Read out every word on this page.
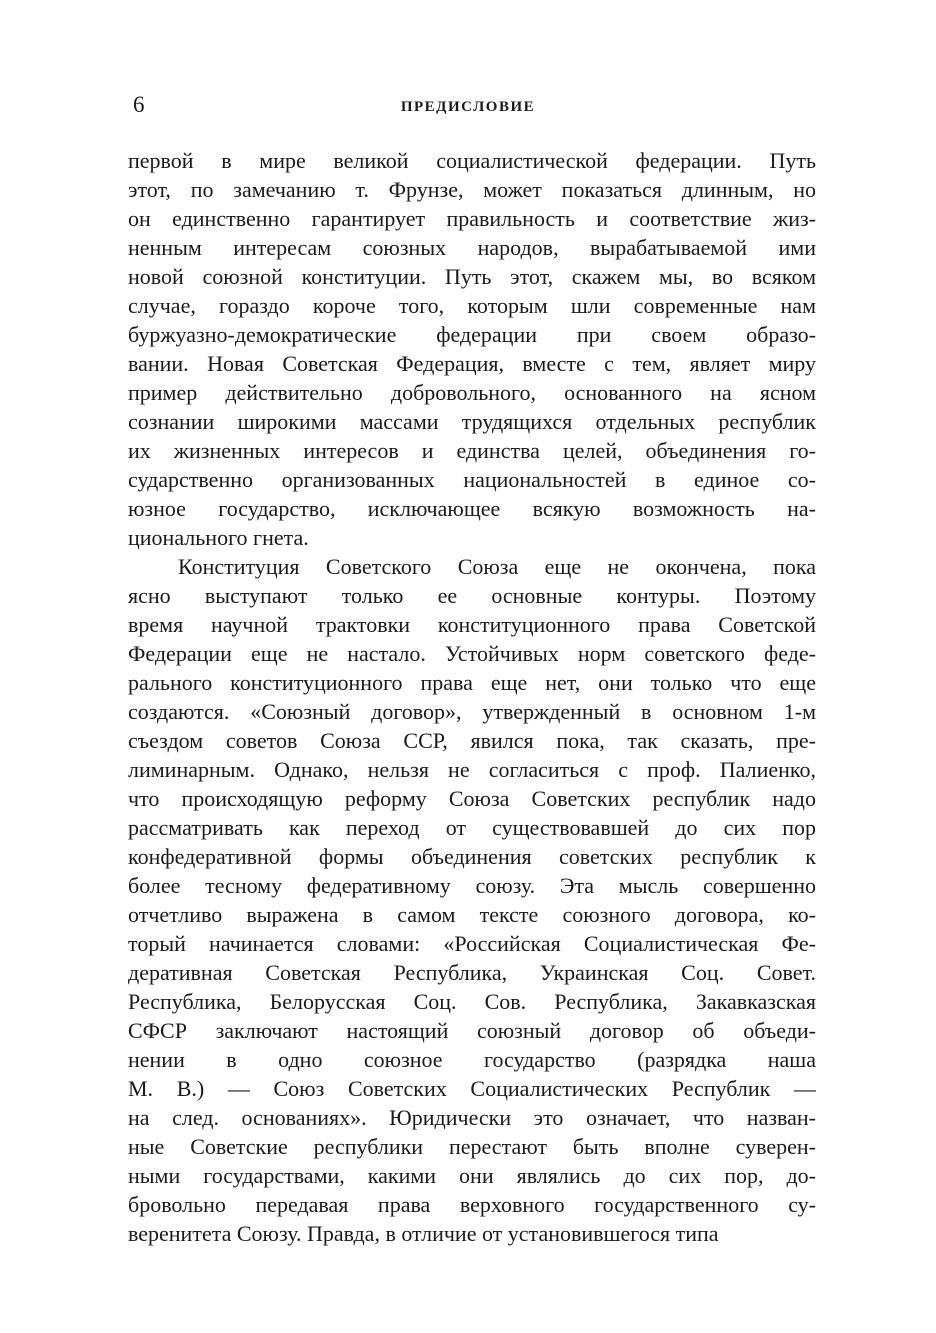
6	ПРЕДИСЛОВИЕ
первой в мире великой социалистической федерации. Путь
этот, по замечанию т. Фрунзе, может показаться длинным, но
он единственно гарантирует правильность и соответствие жиз-
ненным интересам союзных народов, вырабатываемой ими
новой союзной конституции. Путь этот, скажем мы, во всяком
случае, гораздо короче того, которым шли современные нам
буржуазно-демократические федерации при своем образо-
вании. Новая Советская Федерация, вместе с тем, являет миру
пример действительно добровольного, основанного на ясном
сознании широкими массами трудящихся отдельных республик
их жизненных интересов и единства целей, объединения го-
сударственно организованных национальностей в единое со-
юзное государство, исключающее всякую возможность на-
ционального гнета.
Конституция Советского Союза еще не окончена, пока
ясно выступают только ее основные контуры. Поэтому
время научной трактовки конституционного права Советской
Федерации еще не настало. Устойчивых норм советского феде-
рального конституционного права еще нет, они только что еще
создаются. «Союзный договор», утвержденный в основном 1-м
съездом советов Союза ССР, явился пока, так сказать, пре-
лиминарным. Однако, нельзя не согласиться с проф. Палиенко,
что происходящую реформу Союза Советских республик надо
рассматривать как переход от существовавшей до сих пор
конфедеративной формы объединения советских республик к
более тесному федеративному союзу. Эта мысль совершенно
отчетливо выражена в самом тексте союзного договора, ко-
торый начинается словами: «Российская Социалистическая Фе-
деративная Советская Республика, Украинская Соц. Совет.
Республика, Белорусская Соц. Сов. Республика, Закавказская
СФСР заключают настоящий союзный договор об объеди-
нении в одно союзное государство (разрядка наша
М. В.) — Союз Советских Социалистических Республик —
на след. основаниях». Юридически это означает, что назван-
ные Советские республики перестают быть вполне суверен-
ными государствами, какими они являлись до сих пор, до-
бровольно передавая права верховного государственного су-
веренитета Союзу. Правда, в отличие от установившегося типа
